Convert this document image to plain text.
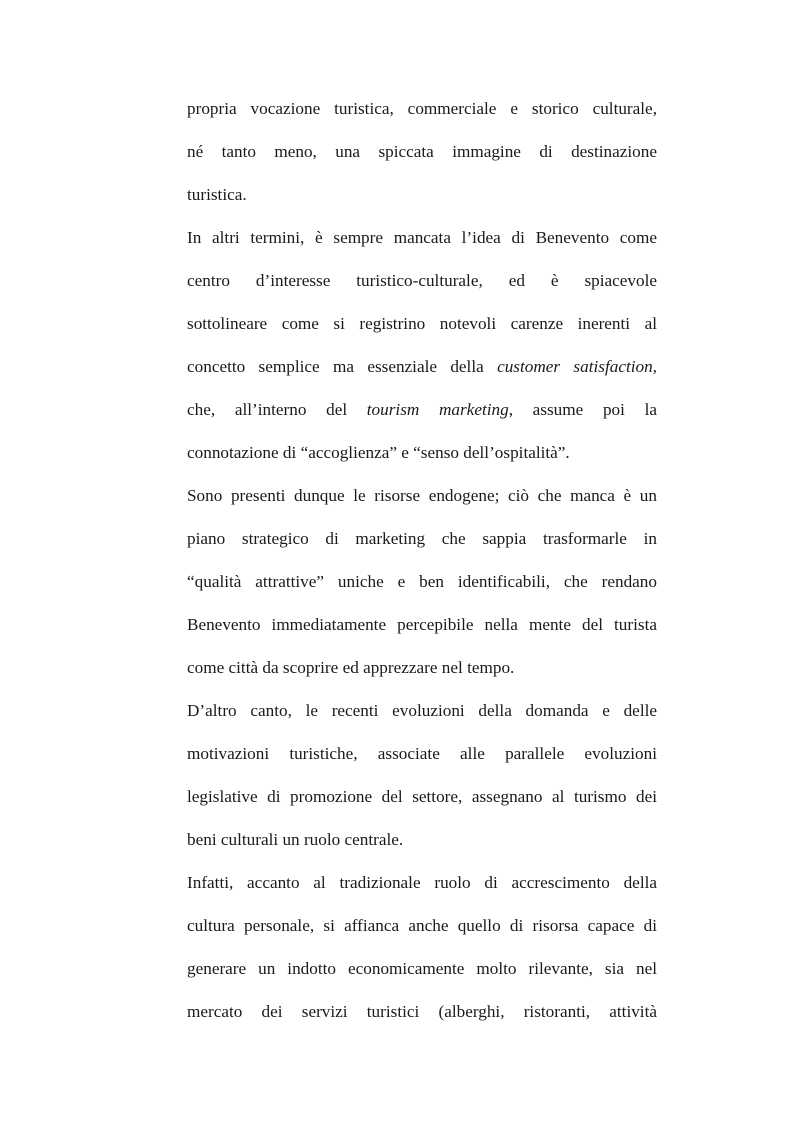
propria vocazione turistica, commerciale e storico culturale,
né tanto meno, una spiccata immagine di destinazione
turistica.
In altri termini, è sempre mancata l’idea di Benevento come
centro d’interesse turistico-culturale, ed è spiacevole
sottolineare come si registrino notevoli carenze inerenti al
concetto semplice ma essenziale della customer satisfaction,
che, all’interno del tourism marketing, assume poi la
connotazione di “accoglienza” e “senso dell’ospitalità”.
Sono presenti dunque le risorse endogene; ciò che manca è un
piano strategico di marketing che sappia trasformarle in
“qualità attrattive” uniche e ben identificabili, che rendano
Benevento immediatamente percepibile nella mente del turista
come città da scoprire ed apprezzare nel tempo.
D’altro canto, le recenti evoluzioni della domanda e delle
motivazioni turistiche, associate alle parallele evoluzioni
legislative di promozione del settore, assegnano al turismo dei
beni culturali un ruolo centrale.
Infatti, accanto al tradizionale ruolo di accrescimento della
cultura personale, si affianca anche quello di risorsa capace di
generare un indotto economicamente molto rilevante, sia nel
mercato dei servizi turistici (alberghi, ristoranti, attività
